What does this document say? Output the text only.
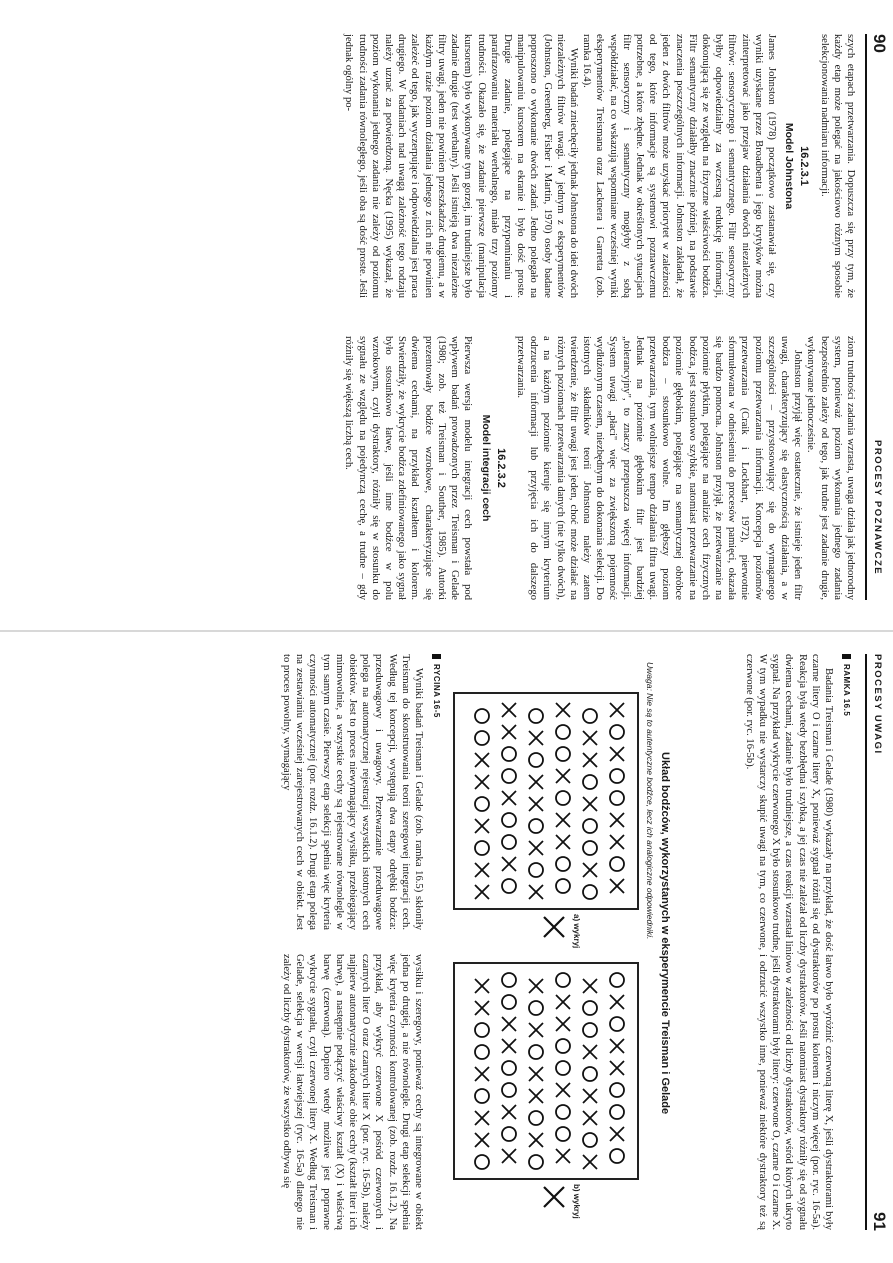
90
PROCESY POZNAWCZE

szych etapach przetwarzania. Dopuszcza się przy tym, że każdy etap może polegać na jakościowo różnym sposobie selekcjonowania nadmiaru informacji.

16.2.3.1
Model Johnstona

James Johnston (1978) początkowo zastanawiał się, czy wyniki uzyskane przez Broadbenta i jego krytyków można zinterpretować jako przejaw działania dwóch niezależnych filtrów: sensorycznego i semantycznego. Filtr sensoryczny byłby odpowiedzialny za wczesną redukcję informacji, dokonującą się ze względu na fizyczne właściwości bodźca. Filtr semantyczny działałby znacznie później, na podstawie znaczenia poszczególnych informacji. Johnston zakładał, że jeden z dwóch filtrów może uzyskać priorytet w zależności od tego, które informacje są systemowi poznawczemu potrzebne, a które zbędne. Jednak w określonych sytuacjach filtr sensoryczny i semantyczny mogłyby z sobą współdziałać, na co wskazują wspomniane wcześniej wyniki eksperymentów Treismana oraz Lacknera i Garretta (zob. ramka 16.4).

Wyniki badań zniechęciły jednak Johnstona do idei dwóch niezależnych filtrów uwagi. W jednym z eksperymentów (Johnston, Greenberg, Fisher i Martin, 1970) osoby badane poproszono o wykonanie dwóch zadań. Jedno polegało na manipulowaniu kursorem na ekranie i było dość proste. Drugie zadanie, polegające na przypominaniu i parafrazowaniu materiału werbalnego, miało trzy poziomy trudności. Okazało się, że zadanie pierwsze (manipulacja kursorem) było wykonywane tym gorzej, im trudniejsze było zadanie drugie (test werbalny). Jeśli istnieją dwa niezależne filtry uwagi, jeden nie powinien przeszkadzać drugiemu, a w każdym razie poziom działania jednego z nich nie powinien zależeć od tego, jak wyczerpujące i odpowiedzialna jest praca drugiego. W badaniach nad uwagą zależność tego rodzaju należy uznać za potwierdzoną. Nęcka (1995) wykazał, że poziom wykonania jednego zadania nie zależy od poziomu trudności zadania równoległego, jeśli oba są dość proste. Jeśli jednak ogólny po-

ziom trudności zadania wzrasta, uwaga działa jak jednorodny system, ponieważ poziom wykonania jednego zadania bezpośrednio zależy od tego, jak trudne jest zadanie drugie, wykonywane jednocześnie.

Johnston przyjął więc ostatecznie, że istnieje jeden filtr uwagi, charakteryzujący się elastycznością działania, a w szczególności – przystosowujący się do wymaganego poziomu przetwarzania informacji. Koncepcja poziomów przetwarzania (Craik i Lockhart, 1972), pierwotnie sformułowana w odniesieniu do procesów pamięci, okazała się bardzo pomocna. Johnston przyjął, że przetwarzanie na poziomie płytkim, polegające na analizie cech fizycznych bodźca, jest stosunkowo szybkie, natomiast przetwarzanie na poziomie głębokim, polegające na semantycznej obróbce bodźca – stosunkowo wolne. Im głębszy poziom przetwarzania, tym wolniejsze tempo działania filtra uwagi. Jednak na poziomie głębokim filtr jest bardziej „tolerancyjny", to znaczy przepuszcza więcej informacji. System uwagi „płaci" więc za zwiększoną pojemność wydłużonym czasem, niezbędnym do dokonania selekcji. Do istotnych składników teorii Johnstona należy zatem twierdzenie, że filtr uwagi jest jeden, choć może działać na różnych poziomach przetwarzania danych (nie tylko dwóch), a na każdym poziomie kieruje się innym kryterium odrzucenia informacji lub przyjęcia ich do dalszego przetwarzania.

16.2.3.2
Model integracji cech

Pierwsza wersja modelu integracji cech powstała pod wpływem badań prowadzonych przez Treisman i Gelade (1980; zob. też Treisman i Souther, 1985). Autorki prezentowały bodźce wzrokowe, charakteryzujące się dwiema cechami, na przykład kształtem i kolorem. Stwierdziły, że wykrycie bodźca zdefiniowanego jako sygnał było stosunkowo łatwe, jeśli inne bodźce w polu wzrokowym, czyli dystraktory, różniły się w stosunku do sygnału ze względu na pojedynczą cechę, a trudne – gdy różniły się większą liczbą cech.

PROCESY UWAGI
91
RAMKA 16.5

Badania Treisman i Gelade (1980) wykazały na przykład, że dość łatwo było wyróżnić czerwoną literę X, jeśli dystraktorami były czarne litery O i czarne litery X, ponieważ sygnał różnił się od dystraktorów po prostu kolorem i niczym więcej (por. ryc. 16-5a). Reakcja była wtedy bezbłędna i szybka, a jej czas nie zależał od liczby dystraktorów. Jeśli natomiast dystraktory różniły się od sygnału dwiema cechami, zadanie było trudniejsze, a czas reakcji wzrastał liniowo w zależności od liczby dystraktorów, wśród których ukryto sygnał. Na przykład wykrycie czerwonego X było stosunkowo trudne, jeśli dystraktorami były litery: czerwone O, czarne O i czarne X. W tym wypadku nie wystarczy skupić uwagi na tym, co czerwone, i odrzucić wszystko inne, ponieważ niektóre dystraktory też są czerwone (por. ryc. 16-5b).

Układ bodźców, wykorzystanych w eksperymencie Treisman i Gelade
Uwaga: Nie są to autentyczne bodźce, lecz ich analogiczne odpowiedniki.
a) wykryj
b) wykryj
RYCINA 16-5

Wyniki badań Treisman i Gelade (zob. ramka 16.5) skłoniły Treisman do skonstruowania teorii szeregowej integracji cech. Według tej koncepcji, występują dwa etapy odrębki bodźca: przeduwagowy i uwagowy. Przetwarzanie przeduwagowe polega na automatycznej rejestracji wszystkich istotnych cech obiektów. Jest to proces niewymagający wysiłku, przebiegający mimowolnie, a wszystkie cechy są rejestrowane równolegle w tym samym czasie. Pierwszy etap selekcji spełnia więc kryteria czynności automatycznej (por. rozdz. 16.1.2). Drugi etap polega na zestawianiu wcześniej zarejestrowanych cech w obiekt. Jest to proces powolny, wymagający

wysiłku i szeregowy, ponieważ cechy są integrowane w obiekt jedna po drugiej, a nie równolegle. Drugi etap selekcji spełnia więc kryteria czynności kontrolowanej (zob. rozdz. 16.1.2). Na przykład, aby wykryć czerwone X pośród czerwonych i czarnych liter O oraz czarnych liter X (por. ryc. 16-5b), należy najpierw automatycznie zakodować obie cechy (kształt liter i ich barwę), a następnie połączyć właściwy kształt (X) i właściwą barwę (czerwoną). Dopiero wtedy możliwe jest poprawne wykrycie sygnału, czyli czerwonej litery X. Według Treisman i Gelade, selekcja w wersji łatwiejszej (ryc. 16-5a) dlatego nie zależy od liczby dystraktorów, że wszystko odbywa się
